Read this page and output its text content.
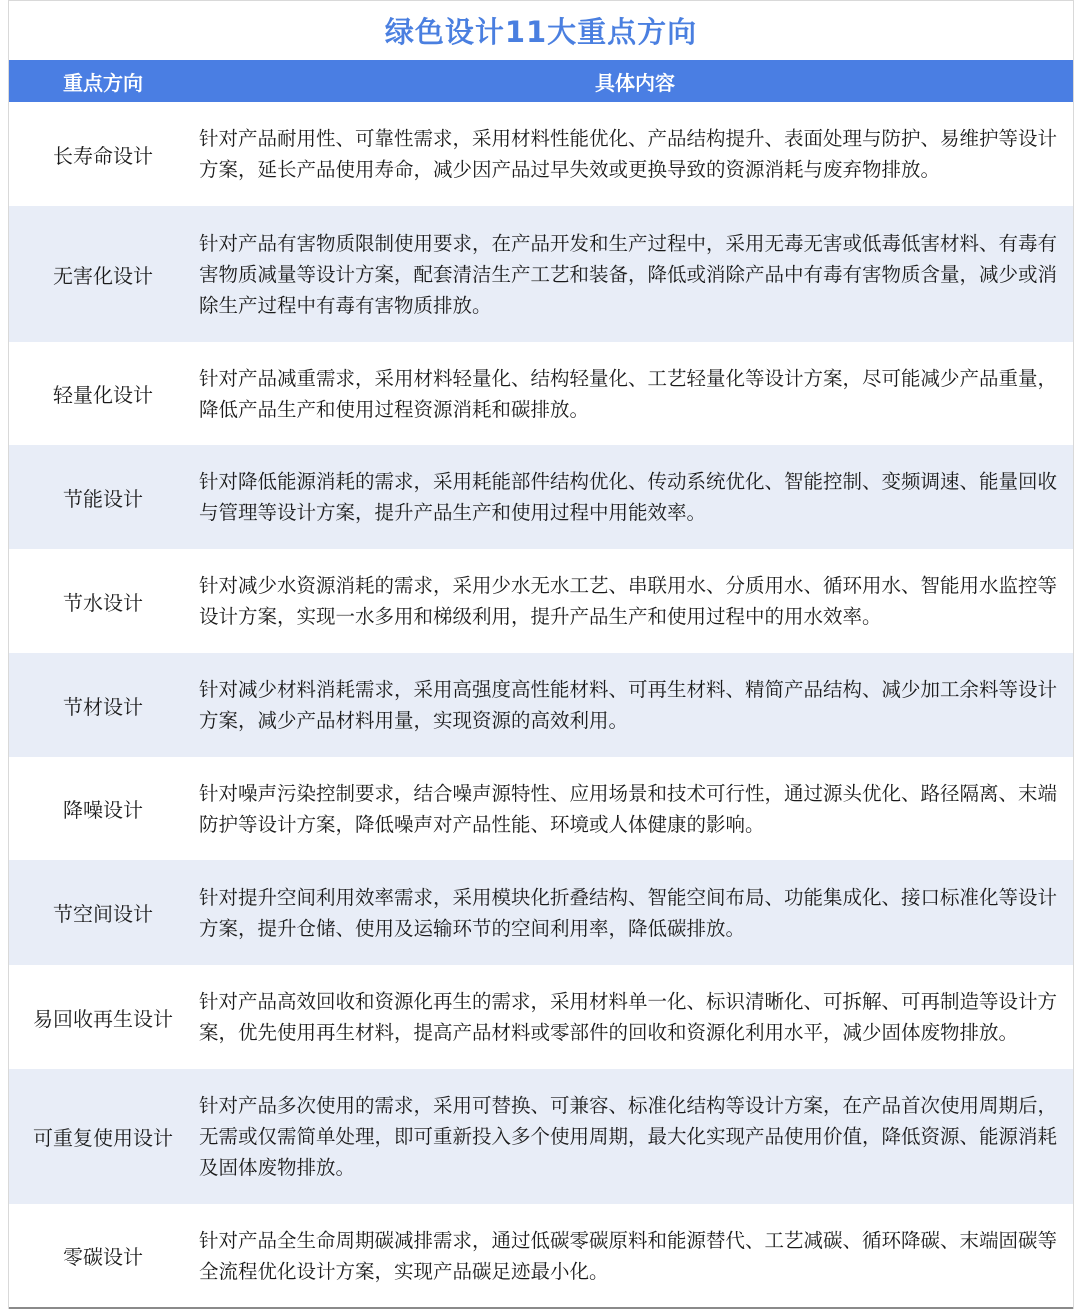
绿色设计11大重点方向
重点方向	具体内容
长寿命设计
针对产品耐用性、可靠性需求，采用材料性能优化、产品结构提升、表面处理与防护、易维护等设计方案，延长产品使用寿命，减少因产品过早失效或更换导致的资源消耗与废弃物排放。
无害化设计
针对产品有害物质限制使用要求，在产品开发和生产过程中，采用无毒无害或低毒低害材料、有毒有害物质减量等设计方案，配套清洁生产工艺和装备，降低或消除产品中有毒有害物质含量，减少或消除生产过程中有毒有害物质排放。
轻量化设计
针对产品减重需求，采用材料轻量化、结构轻量化、工艺轻量化等设计方案，尽可能减少产品重量，降低产品生产和使用过程资源消耗和碳排放。
节能设计
针对降低能源消耗的需求，采用耗能部件结构优化、传动系统优化、智能控制、变频调速、能量回收与管理等设计方案，提升产品生产和使用过程中用能效率。
节水设计
针对减少水资源消耗的需求，采用少水无水工艺、串联用水、分质用水、循环用水、智能用水监控等设计方案，实现一水多用和梯级利用，提升产品生产和使用过程中的用水效率。
节材设计
针对减少材料消耗需求，采用高强度高性能材料、可再生材料、精简产品结构、减少加工余料等设计方案，减少产品材料用量，实现资源的高效利用。
降噪设计
针对噪声污染控制要求，结合噪声源特性、应用场景和技术可行性，通过源头优化、路径隔离、末端防护等设计方案，降低噪声对产品性能、环境或人体健康的影响。
节空间设计
针对提升空间利用效率需求，采用模块化折叠结构、智能空间布局、功能集成化、接口标准化等设计方案，提升仓储、使用及运输环节的空间利用率，降低碳排放。
易回收再生设计
针对产品高效回收和资源化再生的需求，采用材料单一化、标识清晰化、可拆解、可再制造等设计方案，优先使用再生材料，提高产品材料或零部件的回收和资源化利用水平，减少固体废物排放。
可重复使用设计
针对产品多次使用的需求，采用可替换、可兼容、标准化结构等设计方案，在产品首次使用周期后，无需或仅需简单处理，即可重新投入多个使用周期，最大化实现产品使用价值，降低资源、能源消耗及固体废物排放。
零碳设计
针对产品全生命周期碳减排需求，通过低碳零碳原料和能源替代、工艺减碳、循环降碳、末端固碳等全流程优化设计方案，实现产品碳足迹最小化。
